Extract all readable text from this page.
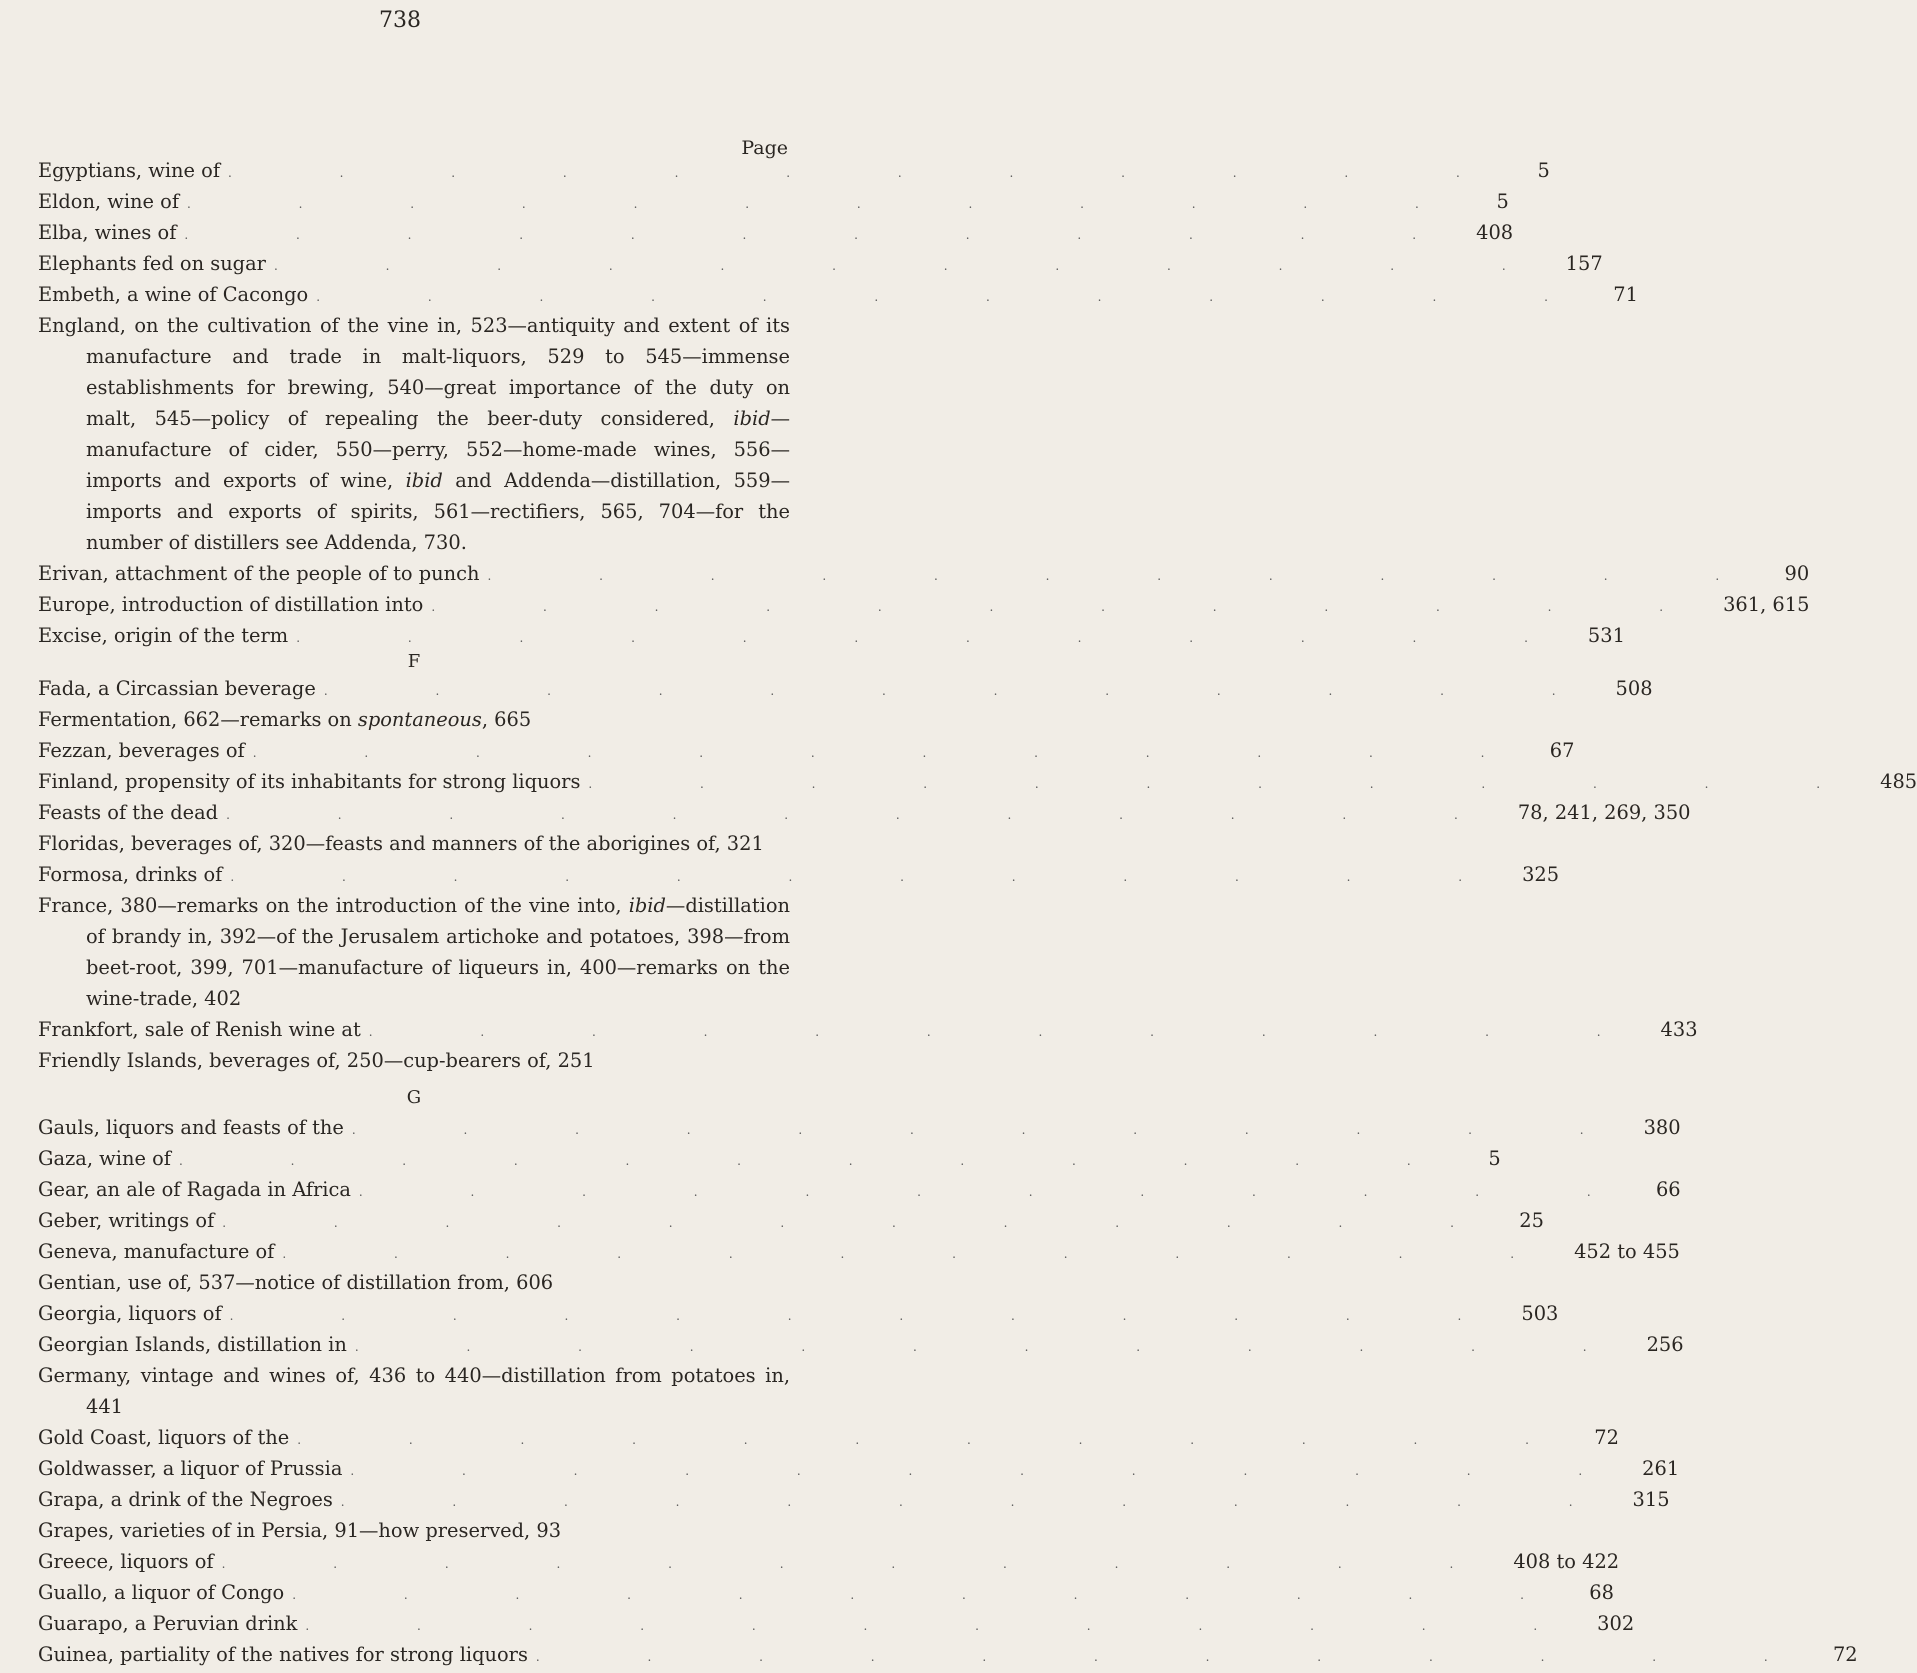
738
Page
Egyptians, wine of . . . . . . . . . . . .	5
Eldon, wine of . . . . . . . . . . . .	5
Elba, wines of . . . . . . . . . . . . 408
Elephants fed on sugar . . . . . . . . . . . . 157
Embeth, a wine of Cacongo . . . . . . . . . . . . 71
England, on the cultivation of the vine in, 523—antiquity and extent of its manufacture and trade in malt-liquors, 529 to 545—immense establishments for brewing, 540—great importance of the duty on malt, 545—policy of repealing the beer-duty considered, ibid—manufacture of cider, 550—perry, 552—home-made wines, 556—imports and exports of wine, ibid and Addenda—distillation, 559—imports and exports of spirits, 561—rectifiers, 565, 704—for the number of distillers see Addenda, 730.
Erivan, attachment of the people of to punch . . . . . . . . . . . . 90
Europe, introduction of distillation into . . . . . . . . . . . . 361, 615
Excise, origin of the term . . . . . . . . . . . . 531
F
Fada, a Circassian beverage . . . . . . . . . . . . 508
Fermentation, 662—remarks on spontaneous, 665
Fezzan, beverages of . . . . . . . . . . . . 67
Finland, propensity of its inhabitants for strong liquors . . . . . . . . . . . . 485
Feasts of the dead . . . . . . . . . . . . 78, 241, 269, 350
Floridas, beverages of, 320—feasts and manners of the aborigines of, 321
Formosa, drinks of . . . . . . . . . . . . 325
France, 380—remarks on the introduction of the vine into, ibid—distillation of brandy in, 392—of the Jerusalem artichoke and potatoes, 398—from beet-root, 399, 701—manufacture of liqueurs in, 400—remarks on the wine-trade, 402
Frankfort, sale of Renish wine at . . . . . . . . . . . . 433
Friendly Islands, beverages of, 250—cup-bearers of, 251
G
Gauls, liquors and feasts of the . . . . . . . . . . . . 380
Gaza, wine of . . . . . . . . . . . .	5
Gear, an ale of Ragada in Africa . . . . . . . . . . . . 66
Geber, writings of . . . . . . . . . . . . 25
Geneva, manufacture of . . . . . . . . . . . . 452 to 455
Gentian, use of, 537—notice of distillation from, 606
Georgia, liquors of . . . . . . . . . . . . 503
Georgian Islands, distillation in . . . . . . . . . . . . 256
Germany, vintage and wines of, 436 to 440—distillation from potatoes in, 441
Gold Coast, liquors of the . . . . . . . . . . . . 72
Goldwasser, a liquor of Prussia . . . . . . . . . . . . 261
Grapa, a drink of the Negroes . . . . . . . . . . . . 315
Grapes, varieties of in Persia, 91—how preserved, 93
Greece, liquors of . . . . . . . . . . . . 408 to 422
Guallo, a liquor of Congo . . . . . . . . . . . . 68
Guarapo, a Peruvian drink . . . . . . . . . . . . 302
Guinea, partiality of the natives for strong liquors . . . . . . . . . . . . 72
